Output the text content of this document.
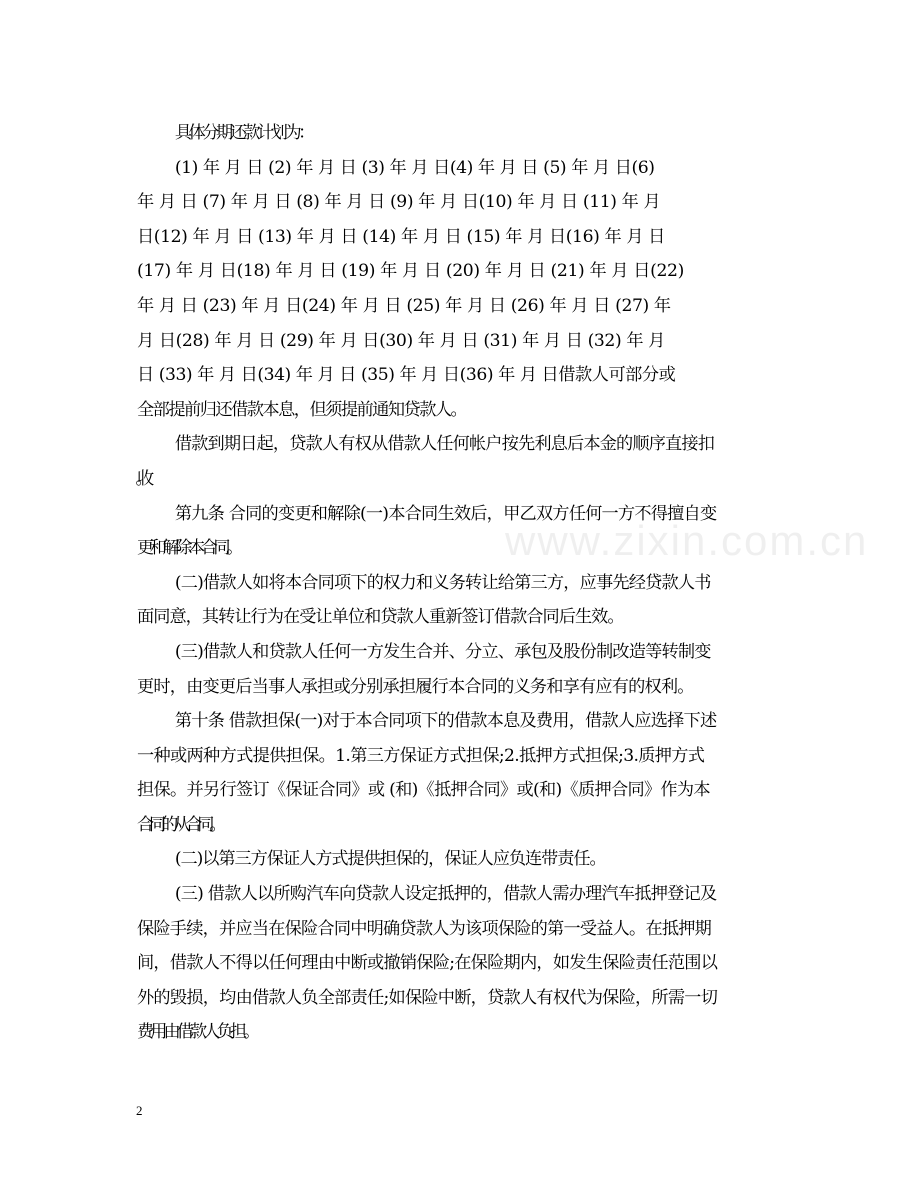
www.zixin.com.cn

具体分期还款计划为：

(1) 年 月 日 (2) 年 月 日 (3) 年 月 日(4) 年 月 日 (5) 年 月 日(6)
年 月 日 (7) 年 月 日 (8) 年 月 日 (9) 年 月 日(10) 年 月 日 (11) 年 月
日(12) 年 月 日 (13) 年 月 日 (14) 年 月 日 (15) 年 月 日(16) 年 月 日
(17) 年 月 日(18) 年 月 日 (19) 年 月 日 (20) 年 月 日 (21) 年 月 日(22)
年 月 日 (23) 年 月 日(24) 年 月 日 (25) 年 月 日 (26) 年 月 日 (27) 年
月 日(28) 年 月 日 (29) 年 月 日(30) 年 月 日 (31) 年 月 日 (32) 年 月
日 (33) 年 月 日(34) 年 月 日 (35) 年 月 日(36) 年 月 日借款人可部分或
全部提前归还借款本息，但须提前通知贷款人。

借款到期日起，贷款人有权从借款人任何帐户按先利息后本金的顺序直接扣

第九条 合同的变更和解除(一)本合同生效后，甲乙双方任何一方不得擅自变
更和解除本合同。

(二)借款人如将本合同项下的权力和义务转让给第三方，应事先经贷款人书
面同意，其转让行为在受让单位和贷款人重新签订借款合同后生效。

(三)借款人和贷款人任何一方发生合并、分立、承包及股份制改造等转制变
更时，由变更后当事人承担或分别承担履行本合同的义务和享有应有的权利。

第十条 借款担保(一)对于本合同项下的借款本息及费用，借款人应选择下述
一种或两种方式提供担保。1.第三方保证方式担保;2.抵押方式担保;3.质押方式
担保。并另行签订《保证合同》或 (和)《抵押合同》或(和)《质押合同》作为本
合同的从合同。

(二)以第三方保证人方式提供担保的，保证人应负连带责任。

(三) 借款人以所购汽车向贷款人设定抵押的，借款人需办理汽车抵押登记及
保险手续，并应当在保险合同中明确贷款人为该项保险的第一受益人。在抵押期
间，借款人不得以任何理由中断或撤销保险;在保险期内，如发生保险责任范围以
外的毁损，均由借款人负全部责任;如保险中断，贷款人有权代为保险，所需一切
费用由借款人负担。

2
